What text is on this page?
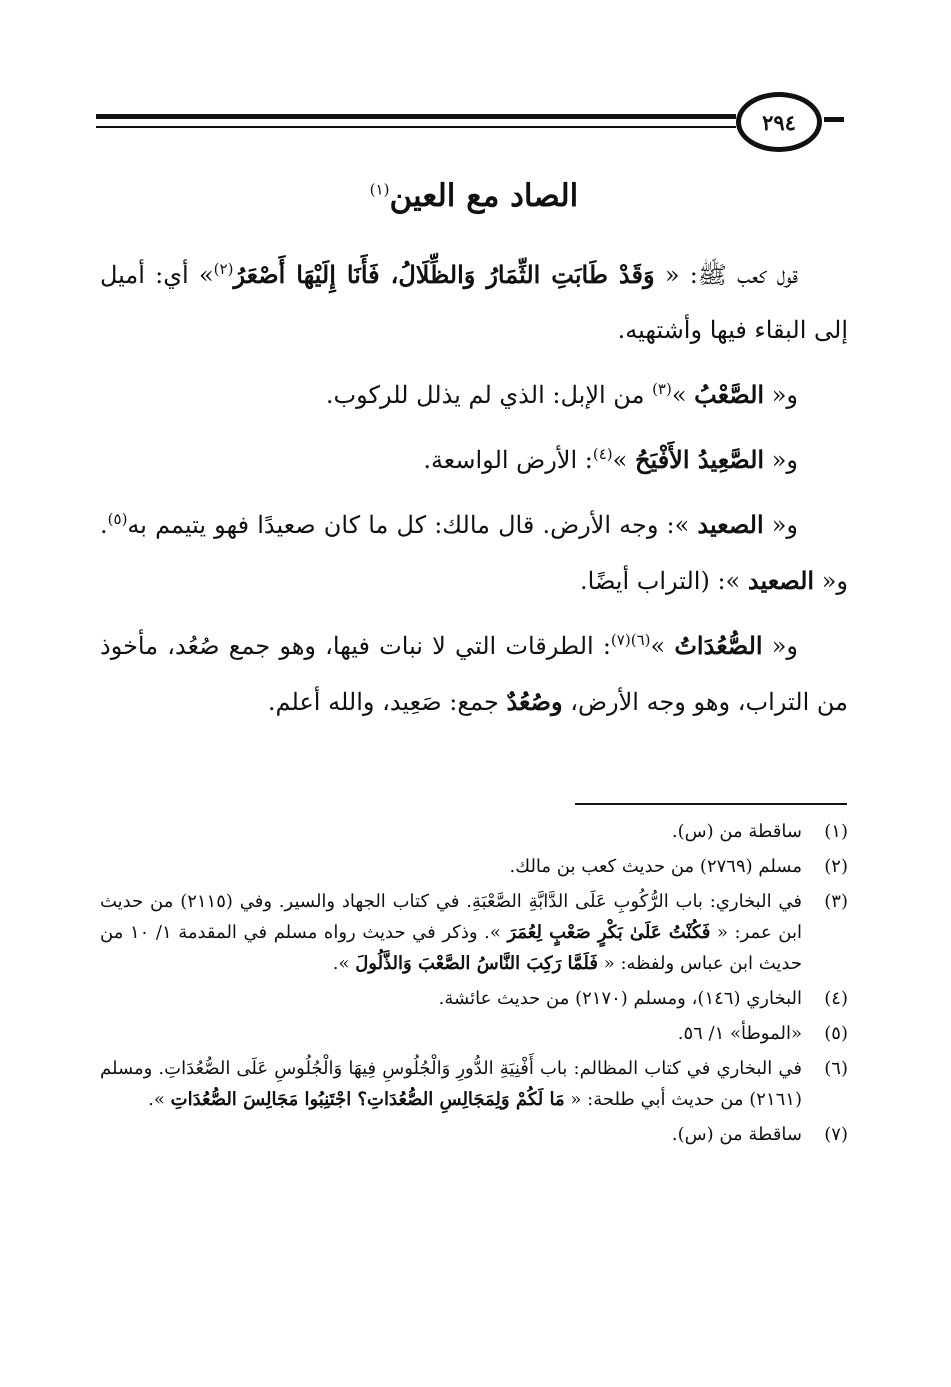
٢٩٤
الصاد مع العين$^{(١)}$

قول كعب ﷺ: « وَقَدْ طَابَتِ الثِّمَارُ وَالظِّلَالُ، فَأَنَا إِلَيْهَا أَصْعَرُ$^{(٢)}$» أي: أميل إلى البقاء فيها وأشتهيه.

و« الصَّعْبُ »$^{(٣)}$ من الإبل: الذي لم يذلل للركوب.

و« الصَّعِيدُ الأَفْيَحُ »$^{(٤)}$: الأرض الواسعة.

و« الصعيد »: وجه الأرض. قال مالك: كل ما كان صعيدًا فهو يتيمم به$^{(٥)}$. و« الصعيد »: (التراب أيضًا.

و« الصُّعُدَاتُ »$^{(٦)(٧)}$: الطرقات التي لا نبات فيها، وهو جمع صُعُد، مأخوذ من التراب، وهو وجه الأرض، وصُعُدٌ جمع: صَعِيد، والله أعلم.

(١)
ساقطة من (س).
(٢)
مسلم (٢٧٦٩) من حديث كعب بن مالك.
(٣)
في البخاري: باب الرُّكُوبِ عَلَى الدَّابَّةِ الصَّعْبَةِ. في كتاب الجهاد والسير. وفي (٢١١٥) من حديث ابن عمر: « فَكُنْتُ عَلَىٰ بَكْرٍ صَعْبٍ لِعُمَرَ ». وذكر في حديث رواه مسلم في المقدمة ١/ ١٠ من حديث ابن عباس ولفظه: « فَلَمَّا رَكِبَ النَّاسُ الصَّعْبَ وَالذَّلُولَ ».
(٤)
البخاري (١٤٦)، ومسلم (٢١٧٠) من حديث عائشة.
(٥)
«الموطأ» ١/ ٥٦.
(٦)
في البخاري في كتاب المظالم: باب أَفْنِيَةِ الدُّورِ وَالْجُلُوسِ فِيهَا وَالْجُلُوسِ عَلَى الصُّعُدَاتِ. ومسلم (٢١٦١) من حديث أبي طلحة: « مَا لَكُمْ وَلِمَجَالِسِ الصُّعُدَاتِ؟ اجْتَنِبُوا مَجَالِسَ الصُّعُدَاتِ ».
(٧)
ساقطة من (س).
